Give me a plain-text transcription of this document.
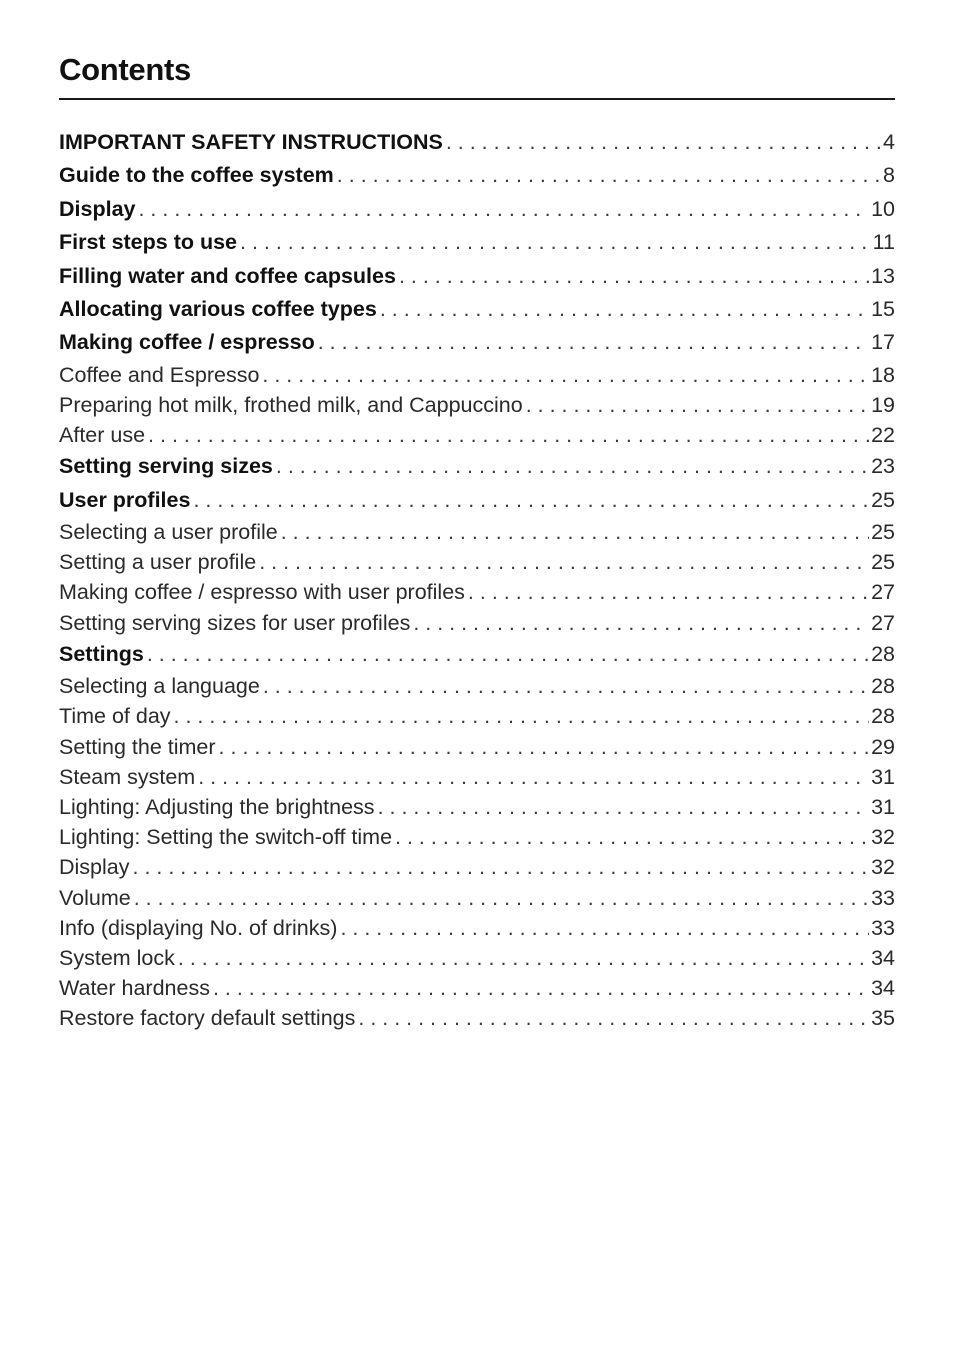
Contents
IMPORTANT SAFETY INSTRUCTIONS . . .	4
Guide to the coffee system . . .	8
Display . . .	10
First steps to use . . .	11
Filling water and coffee capsules . . .	13
Allocating various coffee types . . .	15
Making coffee / espresso . . .	17
Coffee and Espresso . . .	18
Preparing hot milk, frothed milk, and Cappuccino . . .	19
After use . . .	22
Setting serving sizes . . .	23
User profiles . . .	25
Selecting a user profile . . .	25
Setting a user profile . . .	25
Making coffee / espresso with user profiles . . .	27
Setting serving sizes for user profiles . . .	27
Settings . . .	28
Selecting a language . . .	28
Time of day . . .	28
Setting the timer . . .	29
Steam system . . .	31
Lighting: Adjusting the brightness . . .	31
Lighting: Setting the switch-off time . . .	32
Display . . .	32
Volume . . .	33
Info (displaying No. of drinks) . . .	33
System lock . . .	34
Water hardness . . .	34
Restore factory default settings . . .	35
